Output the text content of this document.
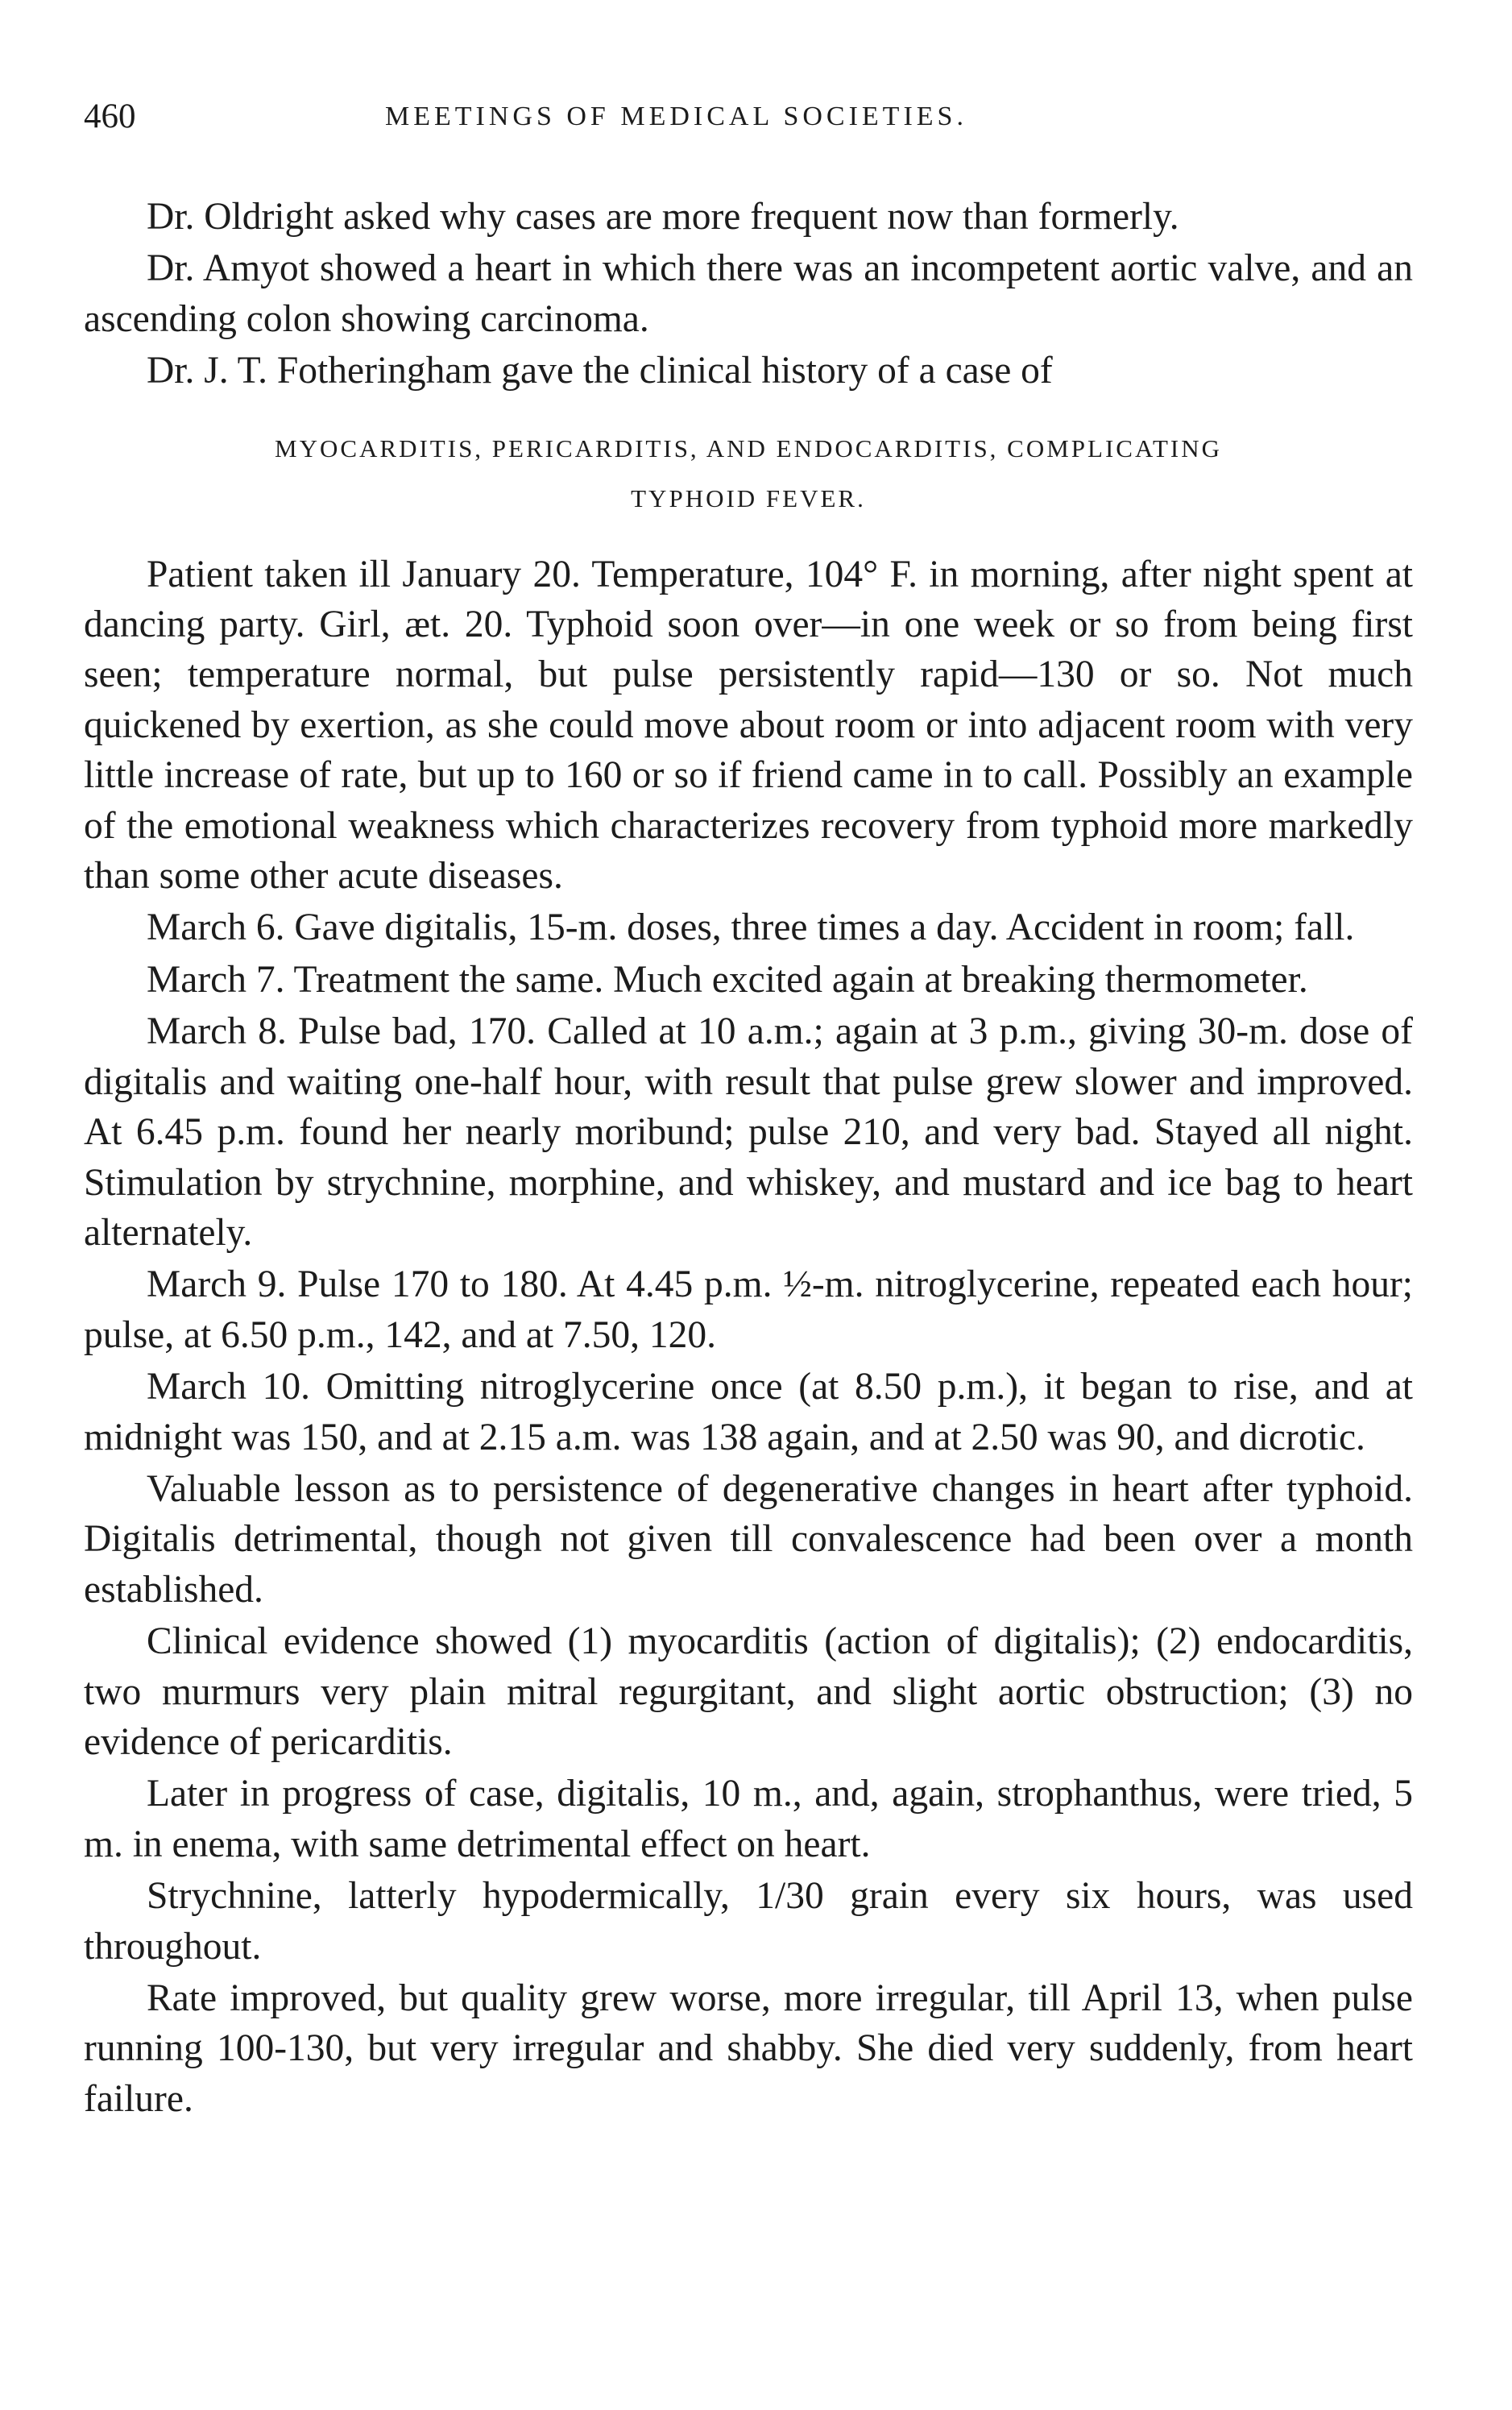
460	MEETINGS OF MEDICAL SOCIETIES.

Dr. Oldright asked why cases are more frequent now than formerly.

Dr. Amyot showed a heart in which there was an incompetent aortic valve, and an ascending colon showing carcinoma.

Dr. J. T. Fotheringham gave the clinical history of a case of

MYOCARDITIS, PERICARDITIS, AND ENDOCARDITIS, COMPLICATING
TYPHOID FEVER.

Patient taken ill January 20. Temperature, 104° F. in morning, after night spent at dancing party. Girl, æt. 20. Typhoid soon over—in one week or so from being first seen; temperature normal, but pulse persistently rapid—130 or so. Not much quickened by exertion, as she could move about room or into adjacent room with very little increase of rate, but up to 160 or so if friend came in to call. Possibly an example of the emotional weakness which characterizes recovery from typhoid more markedly than some other acute diseases.

March 6. Gave digitalis, 15-m. doses, three times a day. Accident in room; fall.

March 7. Treatment the same. Much excited again at breaking thermometer.

March 8. Pulse bad, 170. Called at 10 a.m.; again at 3 p.m., giving 30-m. dose of digitalis and waiting one-half hour, with result that pulse grew slower and improved. At 6.45 p.m. found her nearly moribund; pulse 210, and very bad. Stayed all night. Stimulation by strychnine, morphine, and whiskey, and mustard and ice bag to heart alternately.

March 9. Pulse 170 to 180. At 4.45 p.m. ½-m. nitroglycerine, repeated each hour; pulse, at 6.50 p.m., 142, and at 7.50, 120.

March 10. Omitting nitroglycerine once (at 8.50 p.m.), it began to rise, and at midnight was 150, and at 2.15 a.m. was 138 again, and at 2.50 was 90, and dicrotic.

Valuable lesson as to persistence of degenerative changes in heart after typhoid. Digitalis detrimental, though not given till convalescence had been over a month established.

Clinical evidence showed (1) myocarditis (action of digitalis); (2) endocarditis, two murmurs very plain mitral regurgitant, and slight aortic obstruction; (3) no evidence of pericarditis.

Later in progress of case, digitalis, 10 m., and, again, strophanthus, were tried, 5 m. in enema, with same detrimental effect on heart.

Strychnine, latterly hypodermically, 1/30 grain every six hours, was used throughout.

Rate improved, but quality grew worse, more irregular, till April 13, when pulse running 100-130, but very irregular and shabby. She died very suddenly, from heart failure.
